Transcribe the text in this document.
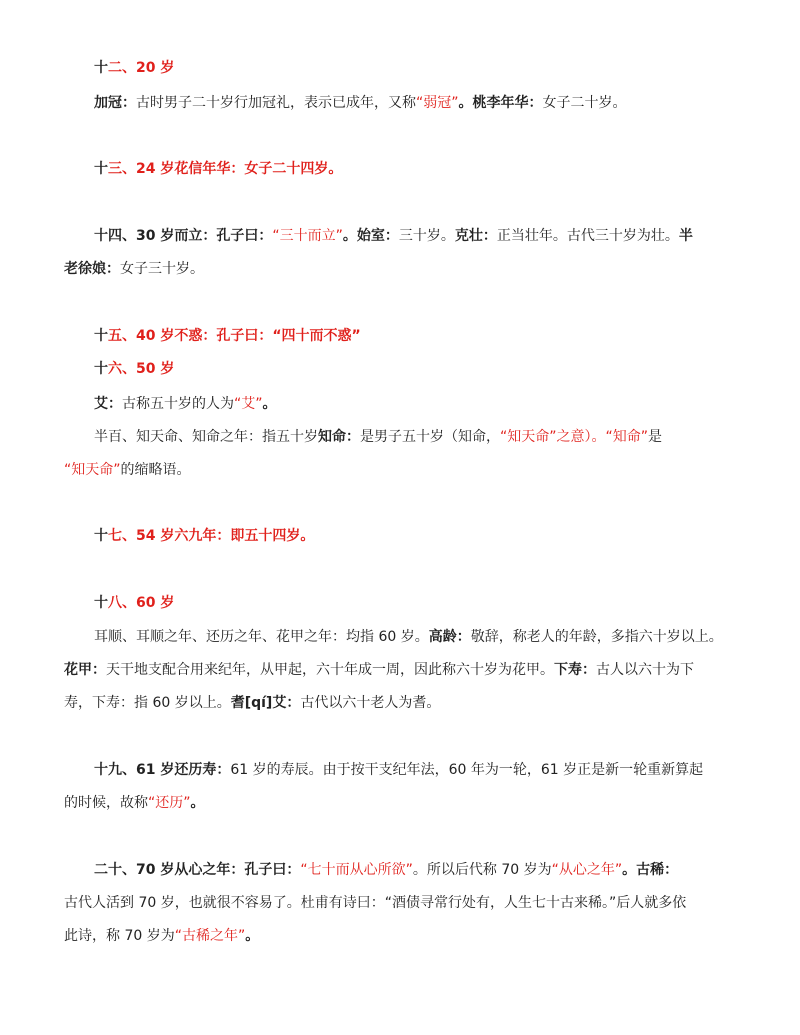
十二、20 岁
加冠：古时男子二十岁行加冠礼，表示已成年，又称“弱冠”。桃李年华：女子二十岁。
十三、24 岁花信年华：女子二十四岁。
十四、30 岁而立：孔子曰：“三十而立”。始室：三十岁。克壮：正当壮年。古代三十岁为壮。半
老徐娘：女子三十岁。
十五、40 岁不惑：孔子曰：“四十而不惑”
十六、50 岁
艾：古称五十岁的人为“艾”。
半百、知天命、知命之年：指五十岁知命：是男子五十岁（知命，“知天命”之意）。“知命”是
“知天命”的缩略语。
十七、54 岁六九年：即五十四岁。
十八、60 岁
耳顺、耳顺之年、还历之年、花甲之年：均指 60 岁。高龄：敬辞，称老人的年龄，多指六十岁以上。
花甲：天干地支配合用来纪年，从甲起，六十年成一周，因此称六十岁为花甲。下寿：古人以六十为下
寿，下寿：指 60 岁以上。耆[qí]艾：古代以六十老人为耆。
十九、61 岁还历寿：61 岁的寿辰。由于按干支纪年法，60 年为一轮，61 岁正是新一轮重新算起
的时候，故称“还历”。
二十、70 岁从心之年：孔子曰：“七十而从心所欲”。所以后代称 70 岁为“从心之年”。古稀：
古代人活到 70 岁，也就很不容易了。杜甫有诗曰：“酒债寻常行处有，人生七十古来稀。”后人就多依
此诗，称 70 岁为“古稀之年”。
